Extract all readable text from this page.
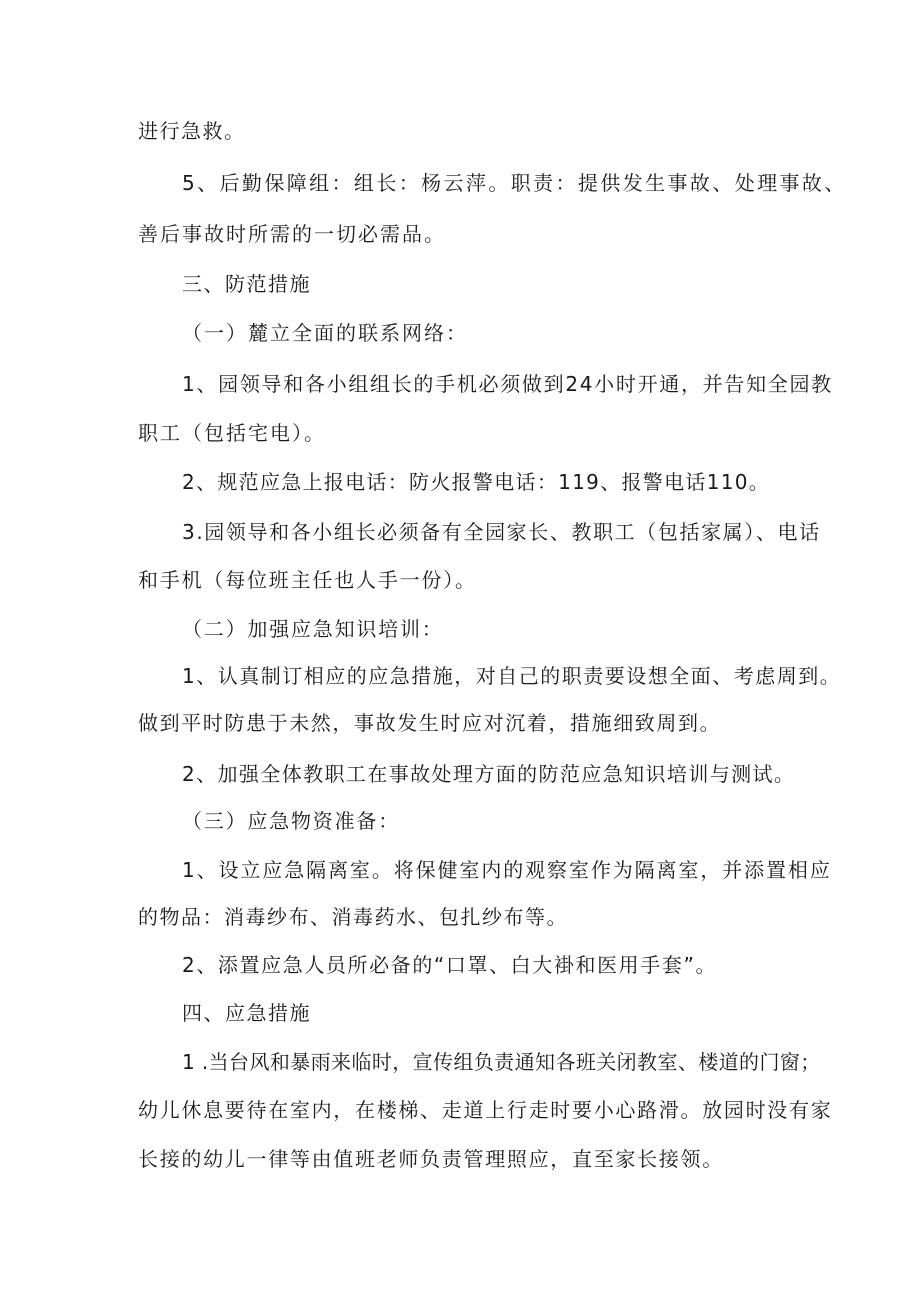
进行急救。
5、后勤保障组：组长：杨云萍。职责：提供发生事故、处理事故、
善后事故时所需的一切必需品。
三、防范措施
（一）麓立全面的联系网络：
1、园领导和各小组组长的手机必须做到24小时开通，并告知全园教
职工（包括宅电）。
2、规范应急上报电话：防火报警电话：119、报警电话110。
3.园领导和各小组长必须备有全园家长、教职工（包括家属）、电话
和手机（每位班主任也人手一份）。
（二）加强应急知识培训：
1、认真制订相应的应急措施，对自己的职责要设想全面、考虑周到。
做到平时防患于未然，事故发生时应对沉着，措施细致周到。
2、加强全体教职工在事故处理方面的防范应急知识培训与测试。
（三）应急物资准备：
1、设立应急隔离室。将保健室内的观察室作为隔离室，并添置相应
的物品：消毒纱布、消毒药水、包扎纱布等。
2、添置应急人员所必备的“口罩、白大褂和医用手套”。
四、应急措施
1 .当台风和暴雨来临时，宣传组负责通知各班关闭教室、楼道的门窗；
幼儿休息要待在室内，在楼梯、走道上行走时要小心路滑。放园时没有家
长接的幼儿一律等由值班老师负责管理照应，直至家长接领。
